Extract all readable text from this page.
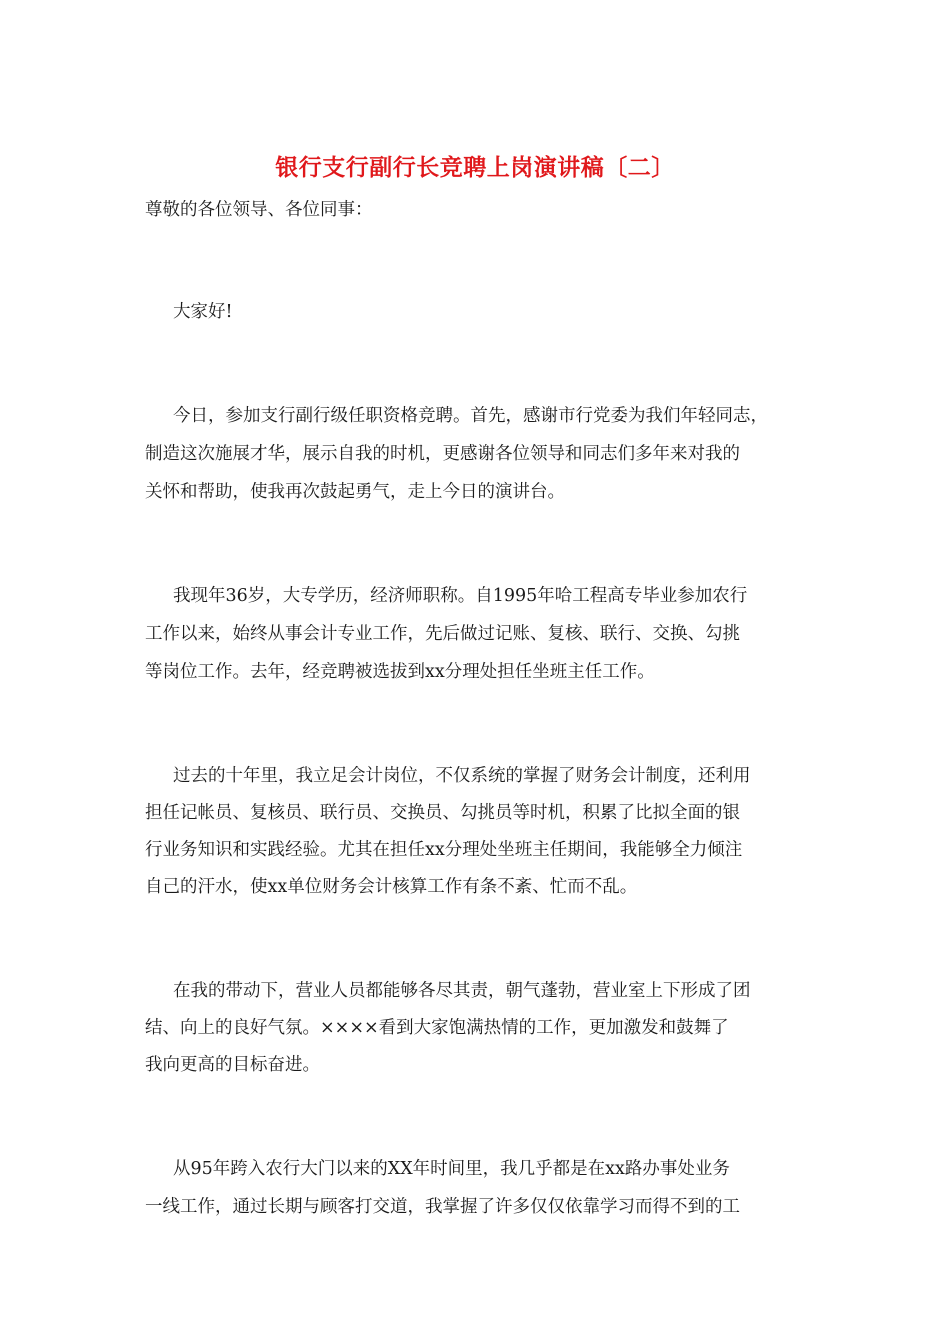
银行支行副行长竞聘上岗演讲稿〔二〕
尊敬的各位领导、各位同事：
大家好!
今日，参加支行副行级任职资格竞聘。首先，感谢市行党委为我们年轻同志，
制造这次施展才华，展示自我的时机，更感谢各位领导和同志们多年来对我的
关怀和帮助，使我再次鼓起勇气，走上今日的演讲台。
我现年36岁，大专学历，经济师职称。自1995年哈工程高专毕业参加农行
工作以来，始终从事会计专业工作，先后做过记账、复核、联行、交换、勾挑
等岗位工作。去年，经竞聘被选拔到xx分理处担任坐班主任工作。
过去的十年里，我立足会计岗位，不仅系统的掌握了财务会计制度，还利用
担任记帐员、复核员、联行员、交换员、勾挑员等时机，积累了比拟全面的银
行业务知识和实践经验。尤其在担任xx分理处坐班主任期间，我能够全力倾注
自己的汗水，使xx单位财务会计核算工作有条不紊、忙而不乱。
在我的带动下，营业人员都能够各尽其责，朝气蓬勃，营业室上下形成了团
结、向上的良好气氛。××××看到大家饱满热情的工作，更加激发和鼓舞了
我向更高的目标奋进。
从95年跨入农行大门以来的XX年时间里，我几乎都是在xx路办事处业务
一线工作，通过长期与顾客打交道，我掌握了许多仅仅依靠学习而得不到的工
